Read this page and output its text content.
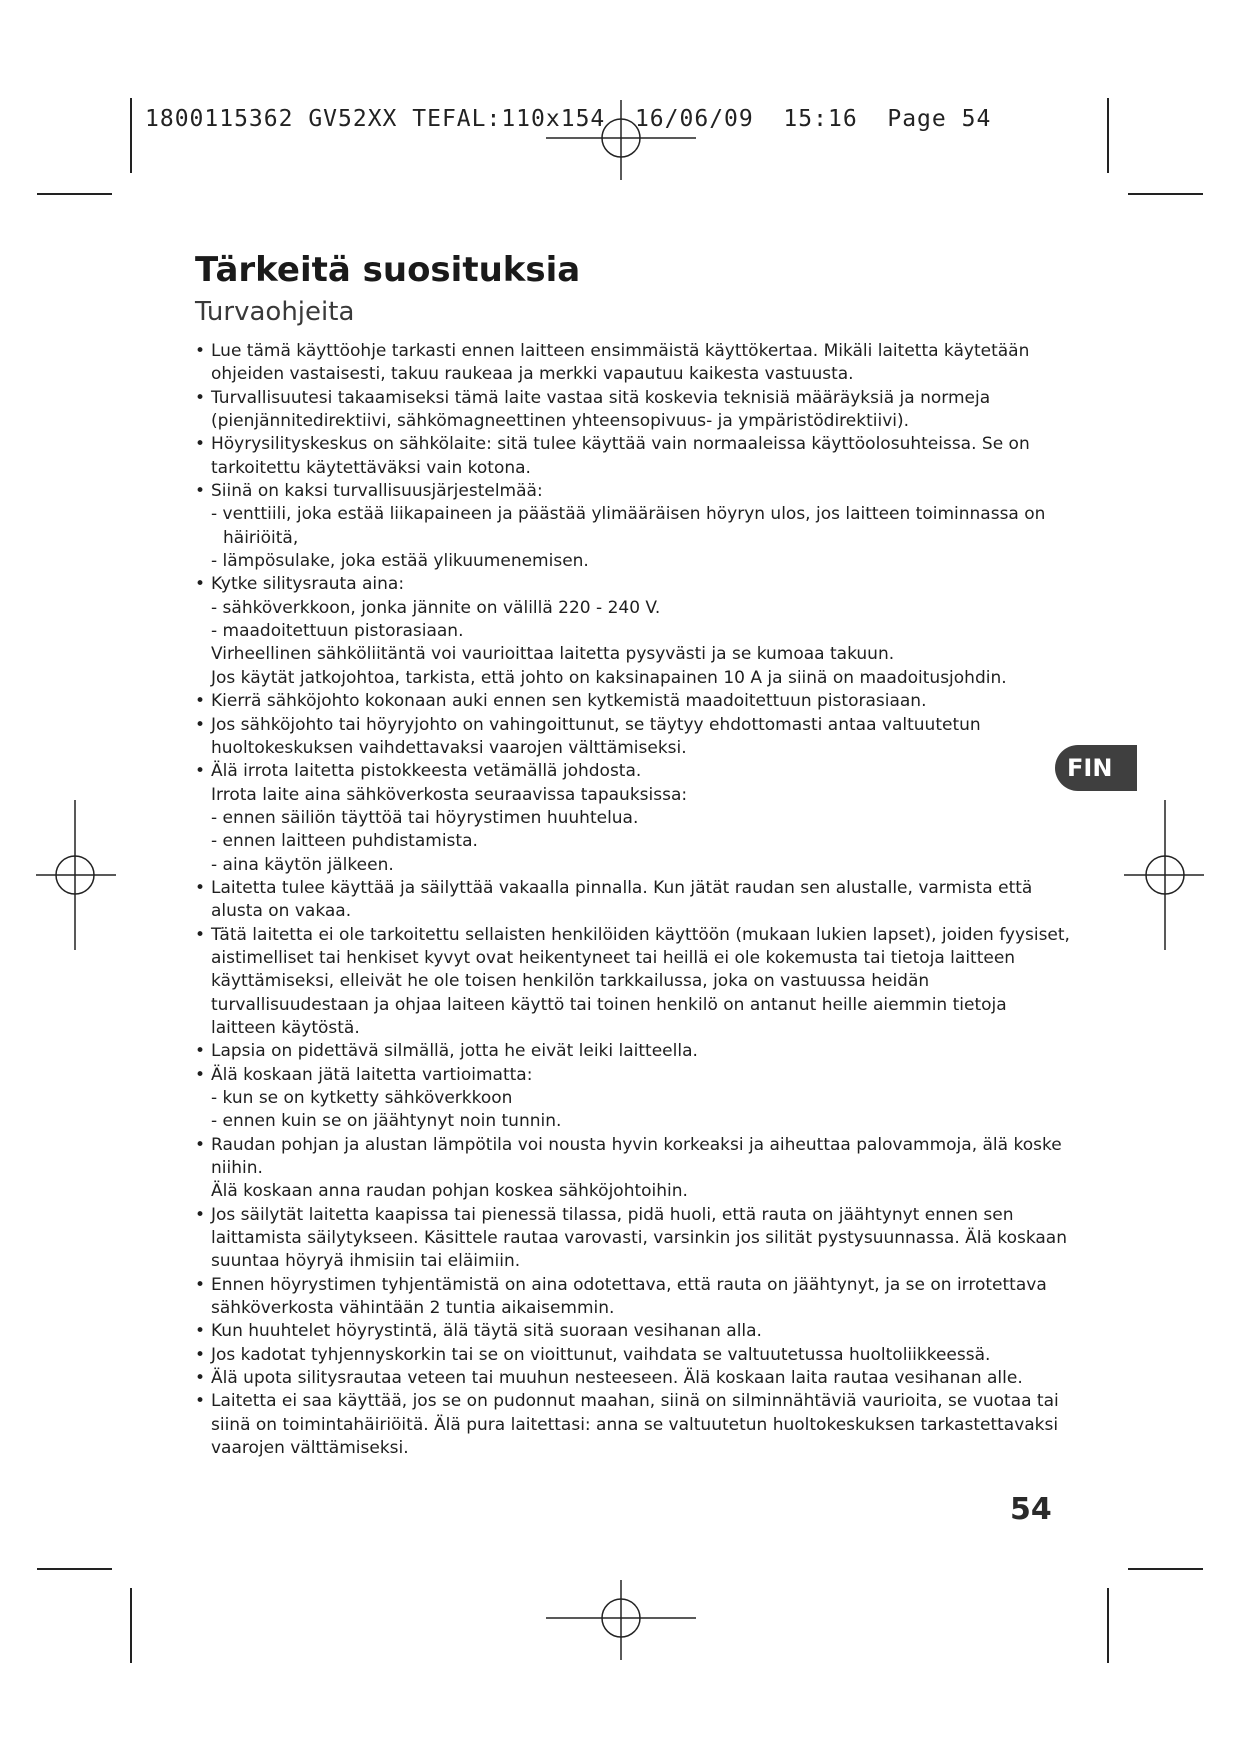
1800115362 GV52XX TEFAL:110x154  16/06/09  15:16  Page 54
Tärkeitä suosituksia
Turvaohjeita
• Lue tämä käyttöohje tarkasti ennen laitteen ensimmäistä käyttökertaa. Mikäli laitetta käytetään
ohjeiden vastaisesti, takuu raukeaa ja merkki vapautuu kaikesta vastuusta.
• Turvallisuutesi takaamiseksi tämä laite vastaa sitä koskevia teknisiä määräyksiä ja normeja
(pienjännitedirektiivi, sähkömagneettinen yhteensopivuus- ja ympäristödirektiivi).
• Höyrysilityskeskus on sähkölaite: sitä tulee käyttää vain normaaleissa käyttöolosuhteissa. Se on
tarkoitettu käytettäväksi vain kotona.
• Siinä on kaksi turvallisuusjärjestelmää:
- venttiili, joka estää liikapaineen ja päästää ylimääräisen höyryn ulos, jos laitteen toiminnassa on
häiriöitä,
- lämpösulake, joka estää ylikuumenemisen.
• Kytke silitysrauta aina:
- sähköverkkoon, jonka jännite on välillä 220 - 240 V.
- maadoitettuun pistorasiaan.
Virheellinen sähköliitäntä voi vaurioittaa laitetta pysyvästi ja se kumoaa takuun.
Jos käytät jatkojohtoa, tarkista, että johto on kaksinapainen 10 A ja siinä on maadoitusjohdin.
• Kierrä sähköjohto kokonaan auki ennen sen kytkemistä maadoitettuun pistorasiaan.
• Jos sähköjohto tai höyryjohto on vahingoittunut, se täytyy ehdottomasti antaa valtuutetun
huoltokeskuksen vaihdettavaksi vaarojen välttämiseksi.
• Älä irrota laitetta pistokkeesta vetämällä johdosta.
Irrota laite aina sähköverkosta seuraavissa tapauksissa:
- ennen säiliön täyttöä tai höyrystimen huuhtelua.
- ennen laitteen puhdistamista.
- aina käytön jälkeen.
• Laitetta tulee käyttää ja säilyttää vakaalla pinnalla. Kun jätät raudan sen alustalle, varmista että
alusta on vakaa.
• Tätä laitetta ei ole tarkoitettu sellaisten henkilöiden käyttöön (mukaan lukien lapset), joiden fyysiset,
aistimelliset tai henkiset kyvyt ovat heikentyneet tai heillä ei ole kokemusta tai tietoja laitteen
käyttämiseksi, elleivät he ole toisen henkilön tarkkailussa, joka on vastuussa heidän
turvallisuudestaan ja ohjaa laiteen käyttö tai toinen henkilö on antanut heille aiemmin tietoja
laitteen käytöstä.
• Lapsia on pidettävä silmällä, jotta he eivät leiki laitteella.
• Älä koskaan jätä laitetta vartioimatta:
- kun se on kytketty sähköverkkoon
- ennen kuin se on jäähtynyt noin tunnin.
• Raudan pohjan ja alustan lämpötila voi nousta hyvin korkeaksi ja aiheuttaa palovammoja, älä koske
niihin.
Älä koskaan anna raudan pohjan koskea sähköjohtoihin.
• Jos säilytät laitetta kaapissa tai pienessä tilassa, pidä huoli, että rauta on jäähtynyt ennen sen
laittamista säilytykseen. Käsittele rautaa varovasti, varsinkin jos silität pystysuunnassa. Älä koskaan
suuntaa höyryä ihmisiin tai eläimiin.
• Ennen höyrystimen tyhjentämistä on aina odotettava, että rauta on jäähtynyt, ja se on irrotettava
sähköverkosta vähintään 2 tuntia aikaisemmin.
• Kun huuhtelet höyrystintä, älä täytä sitä suoraan vesihanan alla.
• Jos kadotat tyhjennyskorkin tai se on vioittunut, vaihdata se valtuutetussa huoltoliikkeessä.
• Älä upota silitysrautaa veteen tai muuhun nesteeseen. Älä koskaan laita rautaa vesihanan alle.
• Laitetta ei saa käyttää, jos se on pudonnut maahan, siinä on silminnähtäviä vaurioita, se vuotaa tai
siinä on toimintahäiriöitä. Älä pura laitettasi: anna se valtuutetun huoltokeskuksen tarkastettavaksi
vaarojen välttämiseksi.
FIN
54
